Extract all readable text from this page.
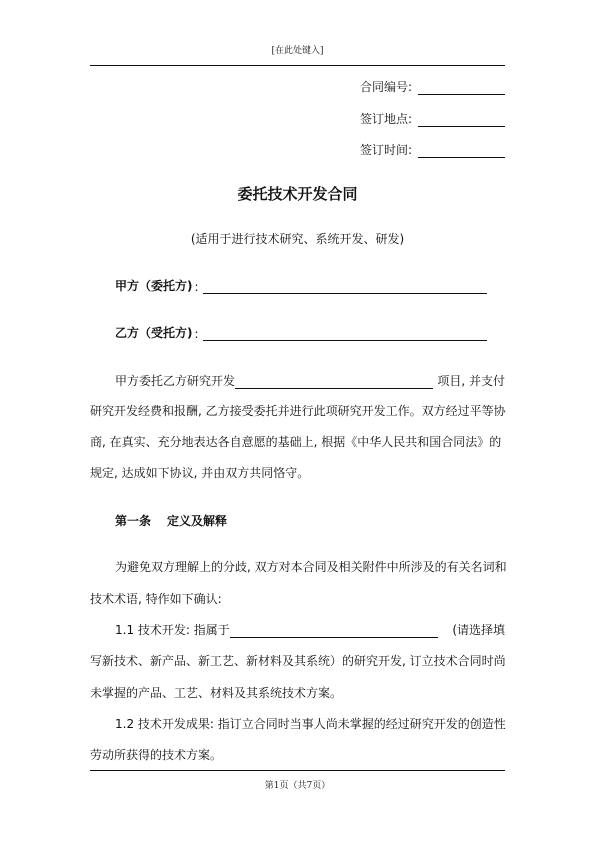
[在此处键入]
合同编号:
签订地点:
签订时间:
委托技术开发合同
(适用于进行技术研究、系统开发、研发)
甲方（委托方) :
乙方（受托方) :
甲方委托乙方研究开发	项目, 并支付
研究开发经费和报酬, 乙方接受委托并进行此项研究开发工作。双方经过平等协
商, 在真实、充分地表达各自意愿的基础上, 根据《中华人民共和国合同法》的
规定, 达成如下协议, 并由双方共同恪守。
第一条 定义及解释
为避免双方理解上的分歧, 双方对本合同及相关附件中所涉及的有关名词和
技术术语, 特作如下确认:
1.1 技术开发: 指属于	(请选择填
写新技术、新产品、新工艺、新材料及其系统）的研究开发, 订立技术合同时尚
未掌握的产品、工艺、材料及其系统技术方案。
1.2 技术开发成果: 指订立合同时当事人尚未掌握的经过研究开发的创造性
劳动所获得的技术方案。
第1页（共7页）
